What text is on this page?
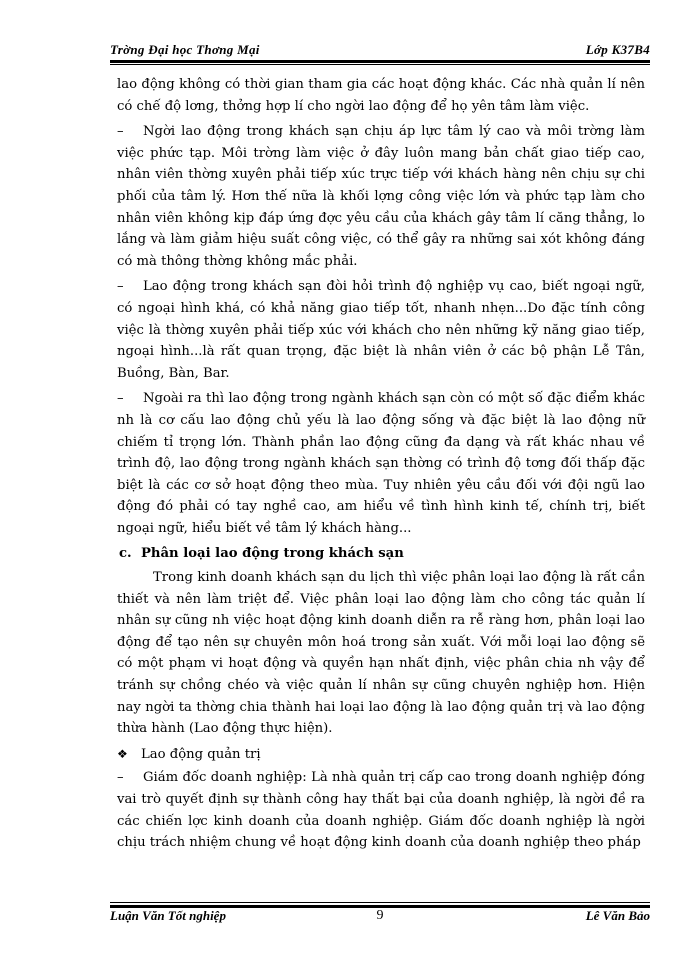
Trờng Đại học Thơng Mại	Lớp K37B4

lao động không có thời gian tham gia các hoạt động khác. Các nhà quản lí nên có chế độ lơng, thởng hợp lí cho ngời lao động để họ yên tâm làm việc.

– Ngời lao động trong khách sạn chịu áp lực tâm lý cao và môi trờng làm việc phức tạp. Môi trờng làm việc ở đây luôn mang bản chất giao tiếp cao, nhân viên thờng xuyên phải tiếp xúc trực tiếp với khách hàng nên chịu sự chi phối của tâm lý. Hơn thế nữa là khối lợng công việc lớn và phức tạp làm cho nhân viên không kịp đáp ứng đợc yêu cầu của khách gây tâm lí căng thẳng, lo lắng và làm giảm hiệu suất công việc, có thể gây ra những sai xót không đáng có mà thông thờng không mắc phải.

– Lao động trong khách sạn đòi hỏi trình độ nghiệp vụ cao, biết ngoại ngữ, có ngoại hình khá, có khả năng giao tiếp tốt, nhanh nhẹn...Do đặc tính công việc là thờng xuyên phải tiếp xúc với khách cho nên những kỹ năng giao tiếp, ngoại hình...là rất quan trọng, đặc biệt là nhân viên ở các bộ phận Lễ Tân, Buồng, Bàn, Bar.

– Ngoài ra thì lao động trong ngành khách sạn còn có một số đặc điểm khác nh là cơ cấu lao động chủ yếu là lao động sống và đặc biệt là lao động nữ chiếm tỉ trọng lớn. Thành phần lao động cũng đa dạng và rất khác nhau về trình độ, lao động trong ngành khách sạn thờng có trình độ tơng đối thấp đặc biệt là các cơ sở hoạt động theo mùa. Tuy nhiên yêu cầu đối với đội ngũ lao động đó phải có tay nghề cao, am hiểu về tình hình kinh tế, chính trị, biết ngoại ngữ, hiểu biết về tâm lý khách hàng...

c. Phân loại lao động trong khách sạn

Trong kinh doanh khách sạn du lịch thì việc phân loại lao động là rất cần thiết và nên làm triệt để. Việc phân loại lao động làm cho công tác quản lí nhân sự cũng nh việc hoạt động kinh doanh diễn ra rễ ràng hơn, phân loại lao động để tạo nên sự chuyên môn hoá trong sản xuất. Với mỗi loại lao động sẽ có một phạm vi hoạt động và quyền hạn nhất định, việc phân chia nh vậy để tránh sự chồng chéo và việc quản lí nhân sự cũng chuyên nghiệp hơn. Hiện nay ngời ta thờng chia thành hai loại lao động là lao động quản trị và lao động thừa hành (Lao động thực hiện).

❖ Lao động quản trị

– Giám đốc doanh nghiệp: Là nhà quản trị cấp cao trong doanh nghiệp đóng vai trò quyết định sự thành công hay thất bại của doanh nghiệp, là ngời đề ra các chiến lợc kinh doanh của doanh nghiệp. Giám đốc doanh nghiệp là ngời chịu trách nhiệm chung về hoạt động kinh doanh của doanh nghiệp theo pháp

Luận Văn Tốt nghiệp	9	Lê Văn Bảo
